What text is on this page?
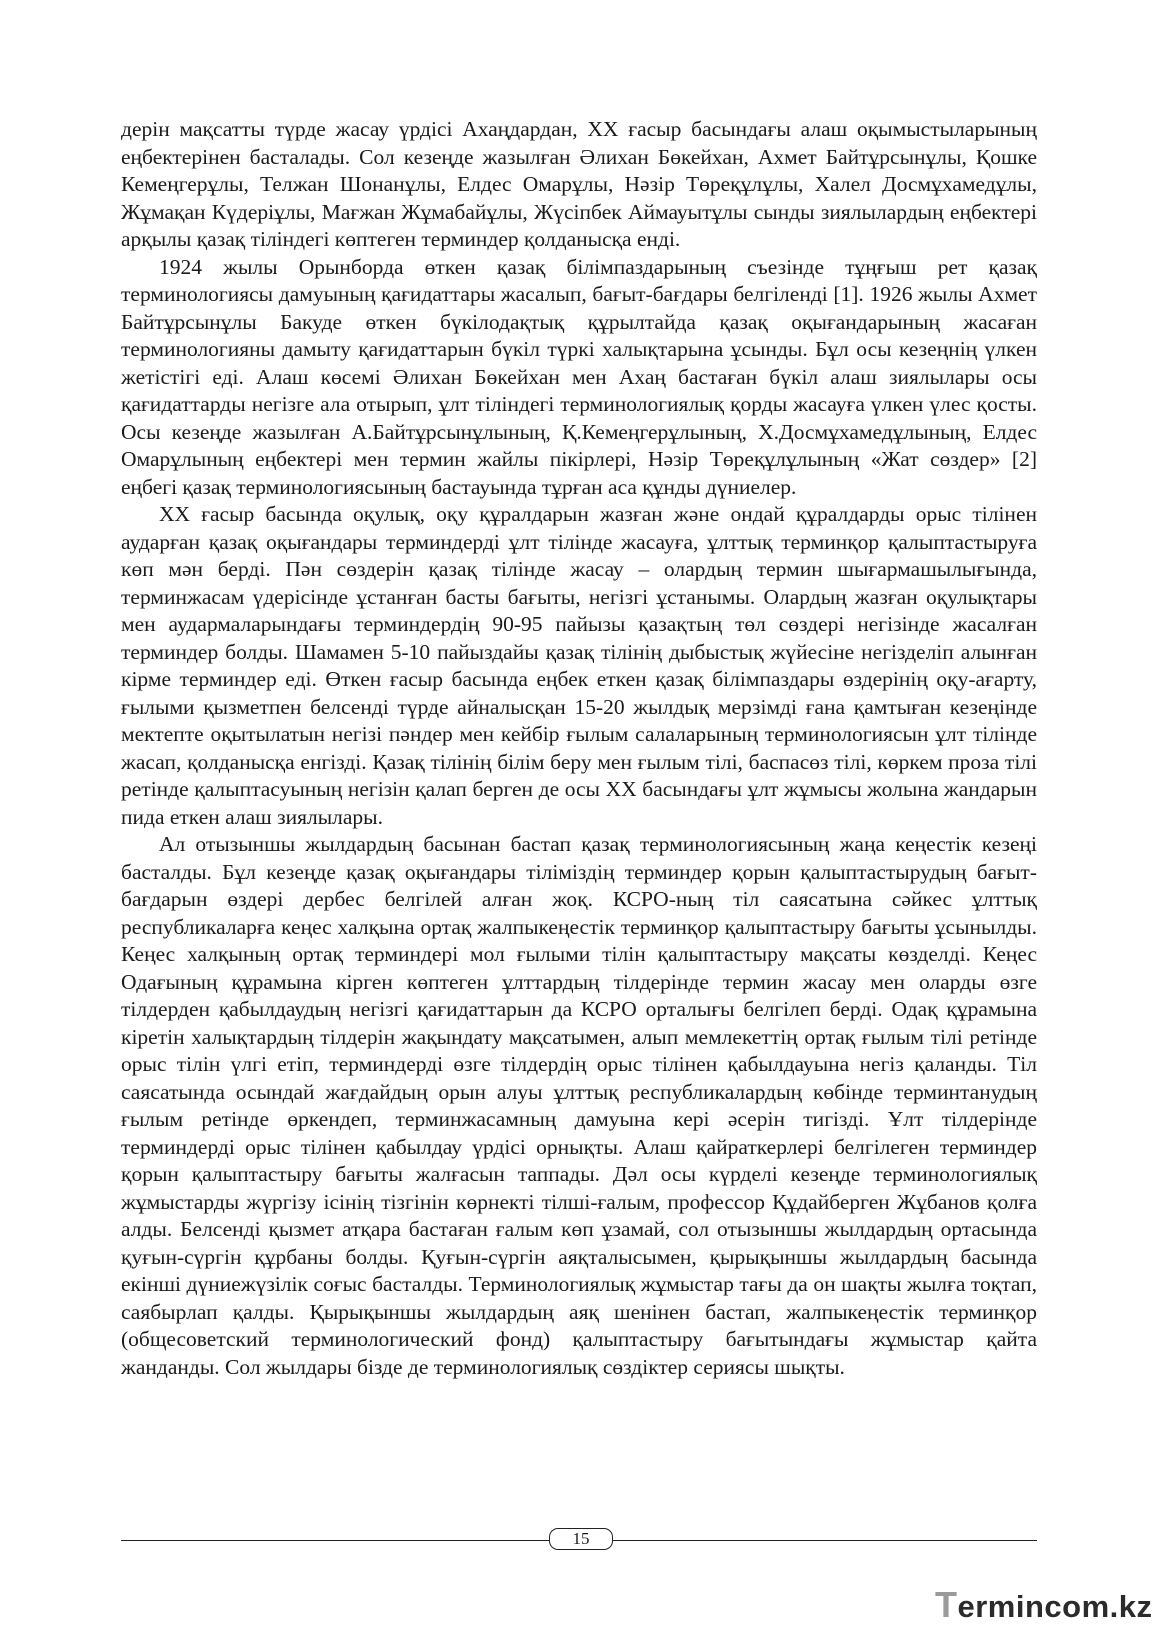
дерін мақсатты түрде жасау үрдісі Ахаңдардан, ХХ ғасыр басындағы алаш оқымыстыларының еңбектерінен басталады. Сол кезеңде жазылған Әлихан Бөкейхан, Ахмет Байтұрсынұлы, Қошке Кемеңгерұлы, Телжан Шонанұлы, Елдес Омарұлы, Нәзір Төреқұлұлы, Халел Досмұхамедұлы, Жұмақан Күдеріұлы, Мағжан Жұмабайұлы, Жүсіпбек Аймауытұлы сынды зиялылардың еңбектері арқылы қазақ тіліндегі көптеген терминдер қолданысқа енді.

1924 жылы Орынборда өткен қазақ білімпаздарының съезінде тұңғыш рет қазақ терминологиясы дамуының қағидаттары жасалып, бағыт-бағдары белгіленді [1]. 1926 жылы Ахмет Байтұрсынұлы Бакуде өткен бүкілодақтық құрылтайда қазақ оқығандарының жасаған терминологияны дамыту қағидаттарын бүкіл түркі халықтарына ұсынды. Бұл осы кезеңнің үлкен жетістігі еді. Алаш көсемі Әлихан Бөкейхан мен Ахаң бастаған бүкіл алаш зиялылары осы қағидаттарды негізге ала отырып, ұлт тіліндегі терминологиялық қорды жасауға үлкен үлес қосты. Осы кезеңде жазылған А.Байтұрсынұлының, Қ.Кемеңгерұлының, Х.Досмұхамедұлының, Елдес Омарұлының еңбектері мен термин жайлы пікірлері, Нәзір Төреқұлұлының «Жат сөздер» [2] еңбегі қазақ терминологиясының бастауында тұрған аса құнды дүниелер.

ХХ ғасыр басында оқулық, оқу құралдарын жазған және ондай құралдарды орыс тілінен аударған қазақ оқығандары терминдерді ұлт тілінде жасауға, ұлттық терминқор қалыптастыруға көп мән берді. Пән сөздерін қазақ тілінде жасау – олардың термин шығармашылығында, терминжасам үдерісінде ұстанған басты бағыты, негізгі ұстанымы. Олардың жазған оқулықтары мен аудармаларындағы терминдердің 90-95 пайызы қазақтың төл сөздері негізінде жасалған терминдер болды. Шамамен 5-10 пайыздайы қазақ тілінің дыбыстық жүйесіне негізделіп алынған кірме терминдер еді. Өткен ғасыр басында еңбек еткен қазақ білімпаздары өздерінің оқу-ағарту, ғылыми қызметпен белсенді түрде айналысқан 15-20 жылдық мерзімді ғана қамтыған кезеңінде мектепте оқытылатын негізі пәндер мен кейбір ғылым салаларының терминологиясын ұлт тілінде жасап, қолданысқа енгізді. Қазақ тілінің білім беру мен ғылым тілі, баспасөз тілі, көркем проза тілі ретінде қалыптасуының негізін қалап берген де осы ХХ басындағы ұлт жұмысы жолына жандарын пида еткен алаш зиялылары.

Ал отызыншы жылдардың басынан бастап қазақ терминологиясының жаңа кеңестік кезеңі басталды. Бұл кезеңде қазақ оқығандары тіліміздің терминдер қорын қалыптастырудың бағыт-бағдарын өздері дербес белгілей алған жоқ. КСРО-ның тіл саясатына сәйкес ұлттық республикаларға кеңес халқына ортақ жалпыкеңестік терминқор қалыптастыру бағыты ұсынылды. Кеңес халқының ортақ терминдері мол ғылыми тілін қалыптастыру мақсаты көзделді. Кеңес Одағының құрамына кірген көптеген ұлттардың тілдерінде термин жасау мен оларды өзге тілдерден қабылдаудың негізгі қағидаттарын да КСРО орталығы белгілеп берді. Одақ құрамына кіретін халықтардың тілдерін жақындату мақсатымен, алып мемлекеттің ортақ ғылым тілі ретінде орыс тілін үлгі етіп, терминдерді өзге тілдердің орыс тілінен қабылдауына негіз қаланды. Тіл саясатында осындай жағдайдың орын алуы ұлттық республикалардың көбінде терминтанудың ғылым ретінде өркендеп, терминжасамның дамуына кері әсерін тигізді. Ұлт тілдерінде терминдерді орыс тілінен қабылдау үрдісі орнықты. Алаш қайраткерлері белгілеген терминдер қорын қалыптастыру бағыты жалғасын таппады. Дәл осы күрделі кезеңде терминологиялық жұмыстарды жүргізу ісінің тізгінін көрнекті тілші-ғалым, профессор Құдайберген Жұбанов қолға алды. Белсенді қызмет атқара бастаған ғалым көп ұзамай, сол отызыншы жылдардың ортасында қуғын-сүргін құрбаны болды. Қуғын-сүргін аяқталысымен, қырықыншы жылдардың басында екінші дүниежүзілік соғыс басталды. Терминологиялық жұмыстар тағы да он шақты жылға тоқтап, саябырлап қалды. Қырықыншы жылдардың аяқ шенінен бастап, жалпыкеңестік терминқор (общесоветский терминологический фонд) қалыптастыру бағытындағы жұмыстар қайта жанданды. Сол жылдары бізде де терминологиялық сөздіктер сериясы шықты.

15
Termincom.kz
